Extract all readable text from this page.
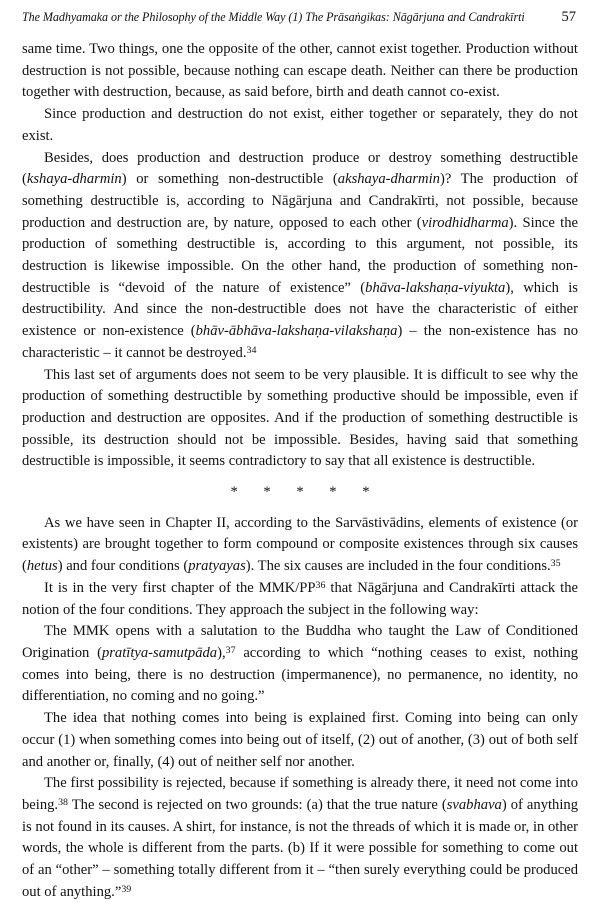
The Madhyamaka or the Philosophy of the Middle Way (1) The Prāsaṅgikas: Nāgārjuna and Candrakīrti	57

same time. Two things, one the opposite of the other, cannot exist together. Production without destruction is not possible, because nothing can escape death. Neither can there be production together with destruction, because, as said before, birth and death cannot co-exist.

Since production and destruction do not exist, either together or separately, they do not exist.

Besides, does production and destruction produce or destroy something destructible (kshaya-dharmin) or something non-destructible (akshaya-dharmin)? The production of something destructible is, according to Nāgārjuna and Candrakīrti, not possible, because production and destruction are, by nature, opposed to each other (virodhidharma). Since the production of something destructible is, according to this argument, not possible, its destruction is likewise impossible. On the other hand, the production of something non-destructible is “devoid of the nature of existence” (bhāva-lakshaṇa-viyukta), which is destructibility. And since the non-destructible does not have the characteristic of either existence or non-existence (bhāv-ābhāva-lakshaṇa-vilakshaṇa) – the non-existence has no characteristic – it cannot be destroyed.$^{34}$

This last set of arguments does not seem to be very plausible. It is difficult to see why the production of something destructible by something productive should be impossible, even if production and destruction are opposites. And if the production of something destructible is possible, its destruction should not be impossible. Besides, having said that something destructible is impossible, it seems contradictory to say that all existence is destructible.

* * * * *

As we have seen in Chapter II, according to the Sarvāstivādins, elements of existence (or existents) are brought together to form compound or composite existences through six causes (hetus) and four conditions (pratyayas). The six causes are included in the four conditions.$^{35}$

It is in the very first chapter of the MMK/PP$^{36}$ that Nāgārjuna and Candrakīrti attack the notion of the four conditions. They approach the subject in the following way:

The MMK opens with a salutation to the Buddha who taught the Law of Conditioned Origination (pratītya-samutpāda),$^{37}$ according to which “nothing ceases to exist, nothing comes into being, there is no destruction (impermanence), no permanence, no identity, no differentiation, no coming and no going.”

The idea that nothing comes into being is explained first. Coming into being can only occur (1) when something comes into being out of itself, (2) out of another, (3) out of both self and another or, finally, (4) out of neither self nor another.

The first possibility is rejected, because if something is already there, it need not come into being.$^{38}$ The second is rejected on two grounds: (a) that the true nature (svabhava) of anything is not found in its causes. A shirt, for instance, is not the threads of which it is made or, in other words, the whole is different from the parts. (b) If it were possible for something to come out of an “other” – something totally different from it – “then surely everything could be produced out of anything.”$^{39}$
